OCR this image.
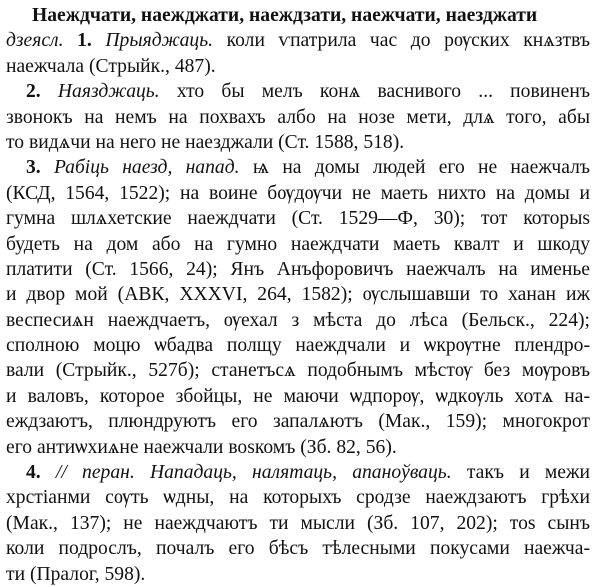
Наеждчати, наежджати, наеждзати, наежчати, наезджати
дзеясл. 1. Прыяджаць. коли ѵпатрила час до рѹских кнѧзтвъ
наежчала (Стрыйк., 487).
2. Наязджаць. хто бы мелъ конѧ васнивого ... повиненъ
звонокъ на немъ на похвахъ албо на нозе мети, длѧ того, абы
то видѧчи на него не наезджали (Ст. 1588, 518).
3. Рабіць наезд, напад. ѩ на домы людей его не наежчалъ
(КСД, 1564, 1522); на воине бѹдѹчи не маеть нихто на домы и
гумна шлѧхетские наеждчати (Ст. 1529—Ф, 30); тот которыѕ
будеть на дом або на гумно наеждчати маеть квалт и шкоду
платити (Ст. 1566, 24); Янъ Анъфоровичъ наежчалъ на именье
и двор мой (АВК, XXXVI, 264, 1582); ѹслышавши то ханан иж
веспесиѧн наеждчаетъ, ѹехал з мѣста до лѣса (Бельск., 224);
сполною моцю ѡбадва полщу наеждчали и ѡкрѹтне плендро-
вали (Стрыйк., 527б); станетъсѧ подобнымъ мѣстѹ без мѹровъ
и валовъ, которое збойцы, не маючи ѡдпорѹ, ѡдкѹль хотѧ на-
еждзаютъ, плюндруютъ его запалѧютъ (Мак., 159); многокрот
его антиѡхиѧне наежчали воѕкомъ (Зб. 82, 56).
4. // перан. Нападаць, налятаць, апаноўваць. такъ и межи
хрстіанми сѹть ѡдны, на которыхъ сродзе наеждзаютъ грѣхи
(Мак., 137); не наеждчаютъ ти мысли (Зб. 107, 202); тоѕ сынъ
коли подрослъ, почалъ его бѣсъ тѣлесными покусами наежча-
ти (Пралог, 598).
